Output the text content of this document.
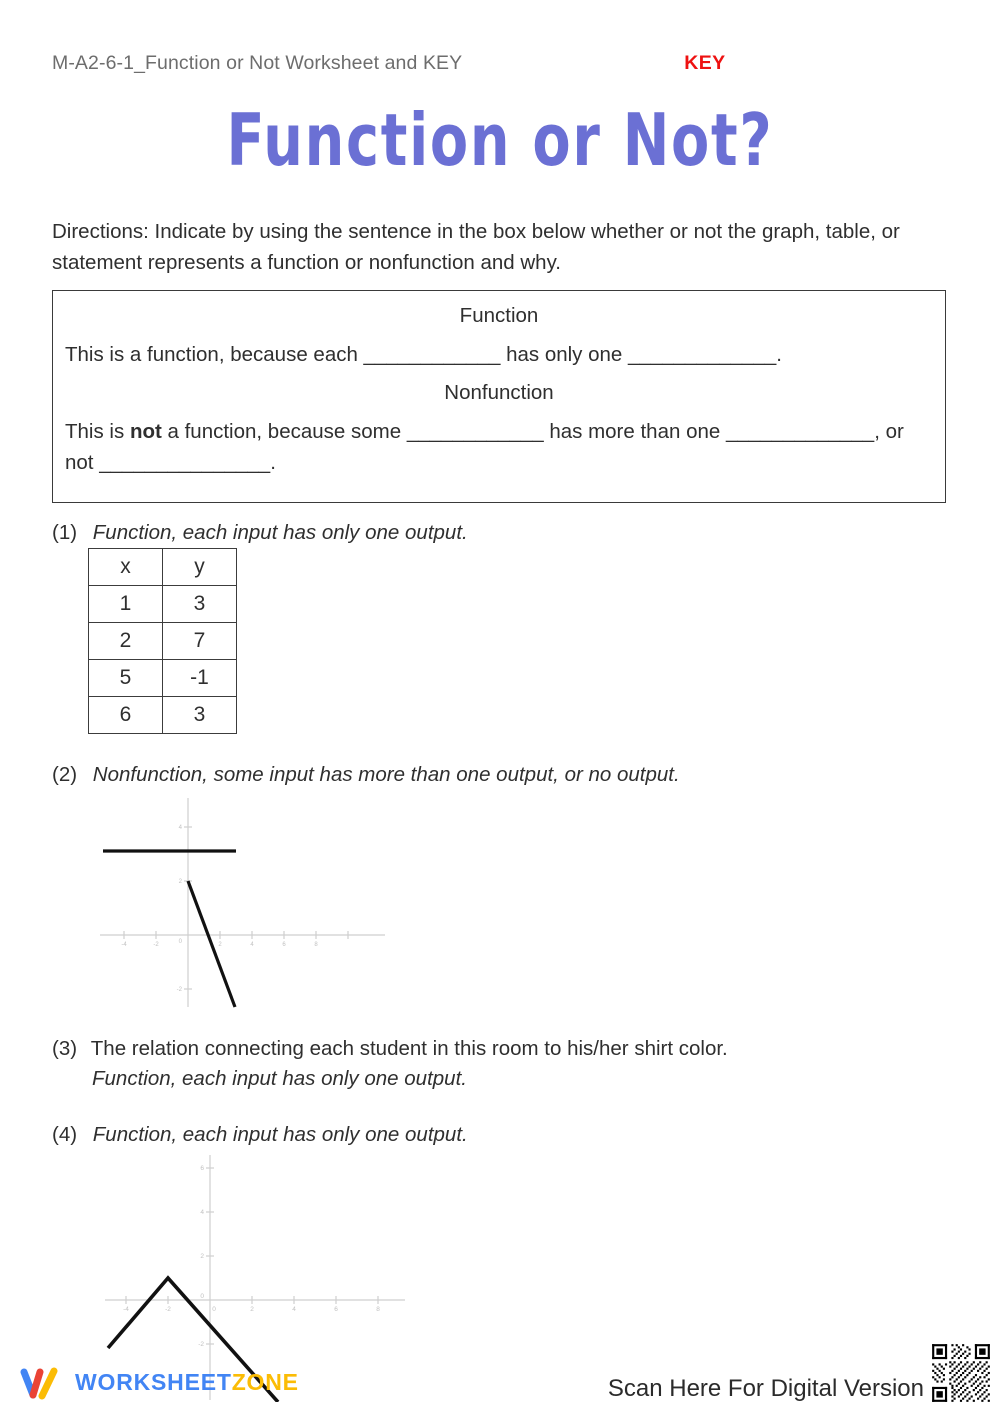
M-A2-6-1_Function or Not Worksheet and KEY	KEY
Function or Not?
Directions: Indicate by using the sentence in the box below whether or not the graph, table, or statement represents a function or nonfunction and why.
Function
This is a function, because each ____________ has only one _____________.
Nonfunction
This is not a function, because some ____________ has more than one _____________, or not _______________.
(1) Function, each input has only one output.
x	y
1	3
2	7
5	-1
6	3
(2) Nonfunction, some input has more than one output, or no output.
-4	-2	2	4	6	8
4
2
0
-2
(3) The relation connecting each student in this room to his/her shirt color.
Function, each input has only one output.
(4) Function, each input has only one output.
-4	-2	0	2	4	6	8
6
4
2
0
-2
WORKSHEETZONE	Scan Here For Digital Version
